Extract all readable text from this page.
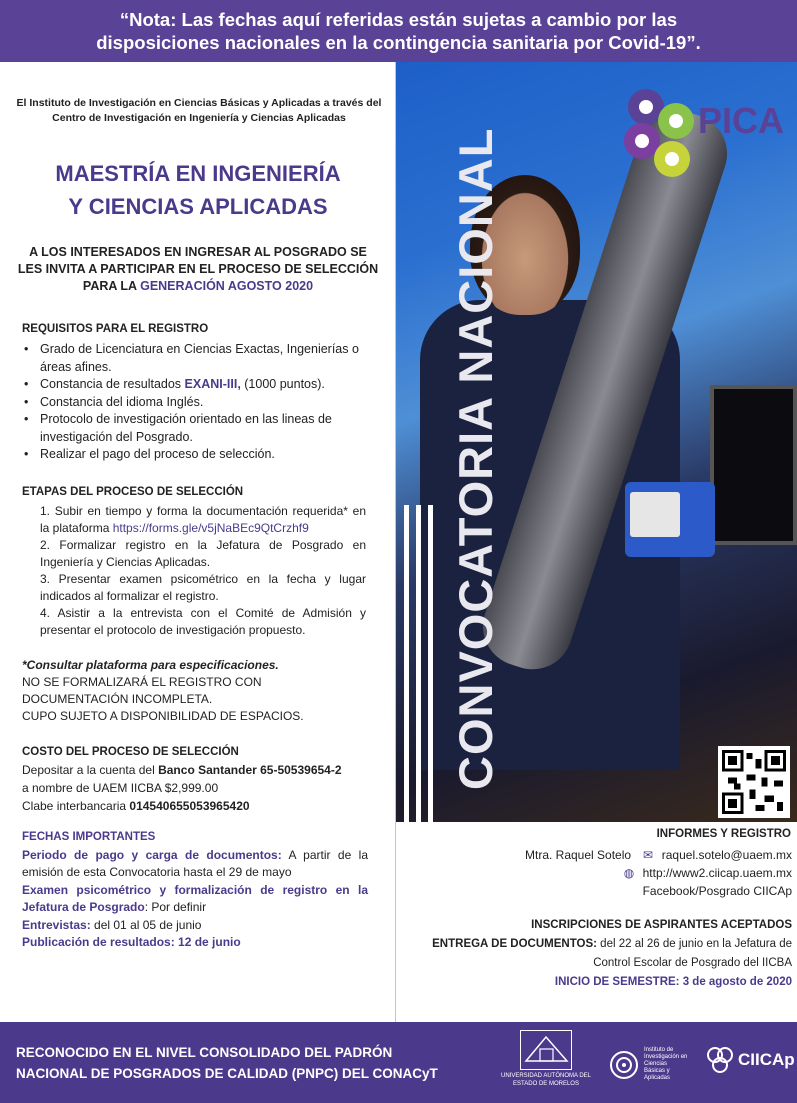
“Nota: Las fechas aquí referidas están sujetas a cambio por las
disposiciones nacionales en la contingencia sanitaria por Covid-19”.
CONVOCATORIA NACIONAL
PICA
El Instituto de Investigación en Ciencias Básicas y Aplicadas a través del
Centro de Investigación en Ingeniería y Ciencias Aplicadas
MAESTRÍA EN INGENIERÍA
Y CIENCIAS APLICADAS
A LOS INTERESADOS EN INGRESAR AL POSGRADO SE
LES INVITA A PARTICIPAR EN EL PROCESO DE SELECCIÓN
PARA LA GENERACIÓN AGOSTO 2020
REQUISITOS PARA EL REGISTRO
• Grado de Licenciatura en Ciencias Exactas, Ingenierías o áreas afines.
• Constancia de resultados EXANI-III, (1000 puntos).
• Constancia del idioma Inglés.
• Protocolo de investigación orientado en las lineas de investigación del Posgrado.
• Realizar el pago del proceso de selección.
ETAPAS DEL PROCESO DE SELECCIÓN
1. Subir en tiempo y forma la documentación requerida* en la plataforma https://forms.gle/v5jNaBEc9QtCrzhf9
2. Formalizar registro en la Jefatura de Posgrado en Ingeniería y Ciencias Aplicadas.
3. Presentar examen psicométrico en la fecha y lugar indicados al formalizar el registro.
4. Asistir a la entrevista con el Comité de Admisión y presentar el protocolo de investigación propuesto.
*Consultar plataforma para especificaciones.
NO SE FORMALIZARÁ EL REGISTRO CON DOCUMENTACIÓN INCOMPLETA.
CUPO SUJETO A DISPONIBILIDAD DE ESPACIOS.
COSTO DEL PROCESO DE SELECCIÓN
Depositar a la cuenta del Banco Santander 65-50539654-2
a nombre de UAEM IICBA $2,999.00
Clabe interbancaria 014540655053965420
FECHAS IMPORTANTES
Periodo de pago y carga de documentos: A partir de la emisión de esta Convocatoria hasta el 29 de mayo
Examen psicométrico y formalización de registro en la Jefatura de Posgrado: Por definir
Entrevistas: del 01 al 05 de junio
Publicación de resultados: 12 de junio
INFORMES Y REGISTRO
Mtra. Raquel Sotelo ✉ raquel.sotelo@uaem.mx
◍ http://www2.ciicap.uaem.mx
Facebook/Posgrado CIICAp
INSCRIPCIONES DE ASPIRANTES ACEPTADOS
ENTREGA DE DOCUMENTOS: del 22 al 26 de junio en la Jefatura de Control Escolar de Posgrado del IICBA
INICIO DE SEMESTRE: 3 de agosto de 2020
RECONOCIDO EN EL NIVEL CONSOLIDADO DEL PADRÓN
NACIONAL DE POSGRADOS DE CALIDAD (PNPC) DEL CONACyT	UNIVERSIDAD AUTÓNOMA DEL
ESTADO DE MORELOS
Instituto de
Investigación en
Ciencias
Básicas y
Aplicadas
CIICAp
